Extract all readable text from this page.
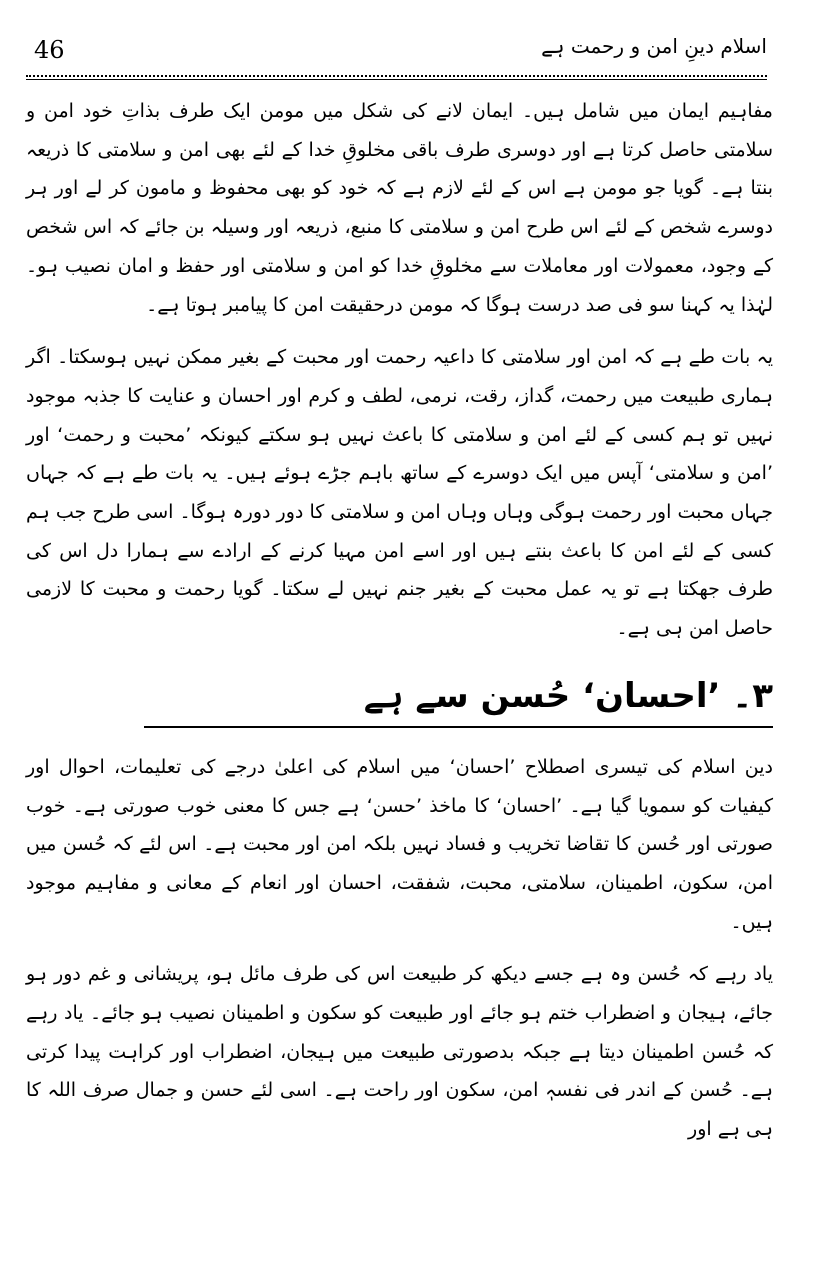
46	اسلام دینِ امن و رحمت ہے

مفاہیم ایمان میں شامل ہیں۔ ایمان لانے کی شکل میں مومن ایک طرف بذاتِ خود امن و سلامتی حاصل کرتا ہے اور دوسری طرف باقی مخلوقِ خدا کے لئے بھی امن و سلامتی کا ذریعہ بنتا ہے۔ گویا جو مومن ہے اس کے لئے لازم ہے کہ خود کو بھی محفوظ و مامون کر لے اور ہر دوسرے شخص کے لئے اس طرح امن و سلامتی کا منبع، ذریعہ اور وسیلہ بن جائے کہ اس شخص کے وجود، معمولات اور معاملات سے مخلوقِ خدا کو امن و سلامتی اور حفظ و امان نصیب ہو۔ لہٰذا یہ کہنا سو فی صد درست ہوگا کہ مومن درحقیقت امن کا پیامبر ہوتا ہے۔

یہ بات طے ہے کہ امن اور سلامتی کا داعیہ رحمت اور محبت کے بغیر ممکن نہیں ہوسکتا۔ اگر ہماری طبیعت میں رحمت، گداز، رقت، نرمی، لطف و کرم اور احسان و عنایت کا جذبہ موجود نہیں تو ہم کسی کے لئے امن و سلامتی کا باعث نہیں ہو سکتے کیونکہ ’محبت و رحمت‘ اور ’امن و سلامتی‘ آپس میں ایک دوسرے کے ساتھ باہم جڑے ہوئے ہیں۔ یہ بات طے ہے کہ جہاں جہاں محبت اور رحمت ہوگی وہاں وہاں امن و سلامتی کا دور دورہ ہوگا۔ اسی طرح جب ہم کسی کے لئے امن کا باعث بنتے ہیں اور اسے امن مہیا کرنے کے ارادے سے ہمارا دل اس کی طرف جھکتا ہے تو یہ عمل محبت کے بغیر جنم نہیں لے سکتا۔ گویا رحمت و محبت کا لازمی حاصل امن ہی ہے۔

۳۔ ’احسان‘ حُسن سے ہے

دین اسلام کی تیسری اصطلاح ’احسان‘ میں اسلام کی اعلیٰ درجے کی تعلیمات، احوال اور کیفیات کو سمویا گیا ہے۔ ’احسان‘ کا ماخذ ’حسن‘ ہے جس کا معنی خوب صورتی ہے۔ خوب صورتی اور حُسن کا تقاضا تخریب و فساد نہیں بلکہ امن اور محبت ہے۔ اس لئے کہ حُسن میں امن، سکون، اطمینان، سلامتی، محبت، شفقت، احسان اور انعام کے معانی و مفاہیم موجود ہیں۔

یاد رہے کہ حُسن وہ ہے جسے دیکھ کر طبیعت اس کی طرف مائل ہو، پریشانی و غم دور ہو جائے، ہیجان و اضطراب ختم ہو جائے اور طبیعت کو سکون و اطمینان نصیب ہو جائے۔ یاد رہے کہ حُسن اطمینان دیتا ہے جبکہ بدصورتی طبیعت میں ہیجان، اضطراب اور کراہت پیدا کرتی ہے۔ حُسن کے اندر فی نفسہٖ امن، سکون اور راحت ہے۔ اسی لئے حسن و جمال صرف اللہ کا ہی ہے اور
